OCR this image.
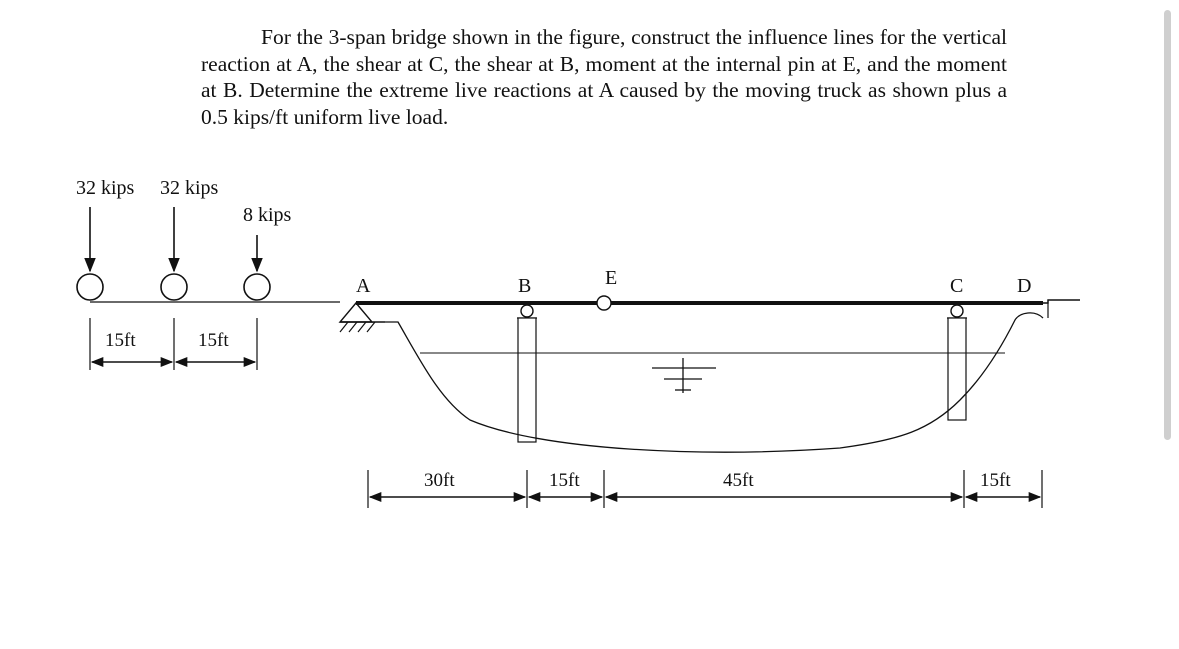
For the 3-span bridge shown in the figure, construct the influence lines for the vertical reaction at A, the shear at C, the shear at B, moment at the internal pin at E, and the moment at B. Determine the extreme live reactions at A caused by the moving truck as shown plus a 0.5 kips/ft uniform live load.
32 kips 32 kips
8 kips
15ft	15ft
A	B	E	C	D
30ft	15ft	45ft	15ft
